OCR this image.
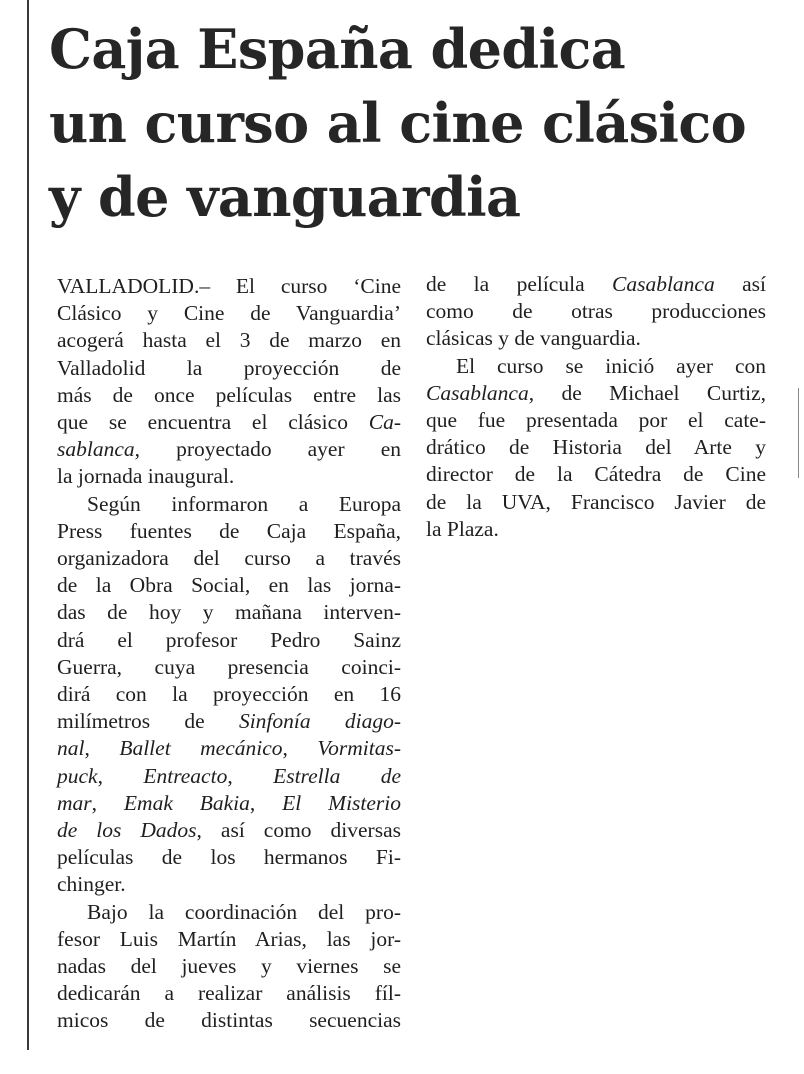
Caja España dedica
un curso al cine clásico
y de vanguardia
VALLADOLID.– El curso ‘Cine
Clásico y Cine de Vanguardia’
acogerá hasta el 3 de marzo en
Valladolid la proyección de
más de once películas entre las
que se encuentra el clásico Ca-
sablanca, proyectado ayer en
la jornada inaugural.
Según informaron a Europa
Press fuentes de Caja España,
organizadora del curso a través
de la Obra Social, en las jorna-
das de hoy y mañana interven-
drá el profesor Pedro Sainz
Guerra, cuya presencia coinci-
dirá con la proyección en 16
milímetros de Sinfonía diago-
nal, Ballet mecánico, Vormitas-
puck, Entreacto, Estrella de
mar, Emak Bakia, El Misterio
de los Dados, así como diversas
películas de los hermanos Fi-
chinger.
Bajo la coordinación del pro-
fesor Luis Martín Arias, las jor-
nadas del jueves y viernes se
dedicarán a realizar análisis fíl-
micos de distintas secuencias
de la película Casablanca así
como de otras producciones
clásicas y de vanguardia.
El curso se inició ayer con
Casablanca, de Michael Curtiz,
que fue presentada por el cate-
drático de Historia del Arte y
director de la Cátedra de Cine
de la UVA, Francisco Javier de
la Plaza.
